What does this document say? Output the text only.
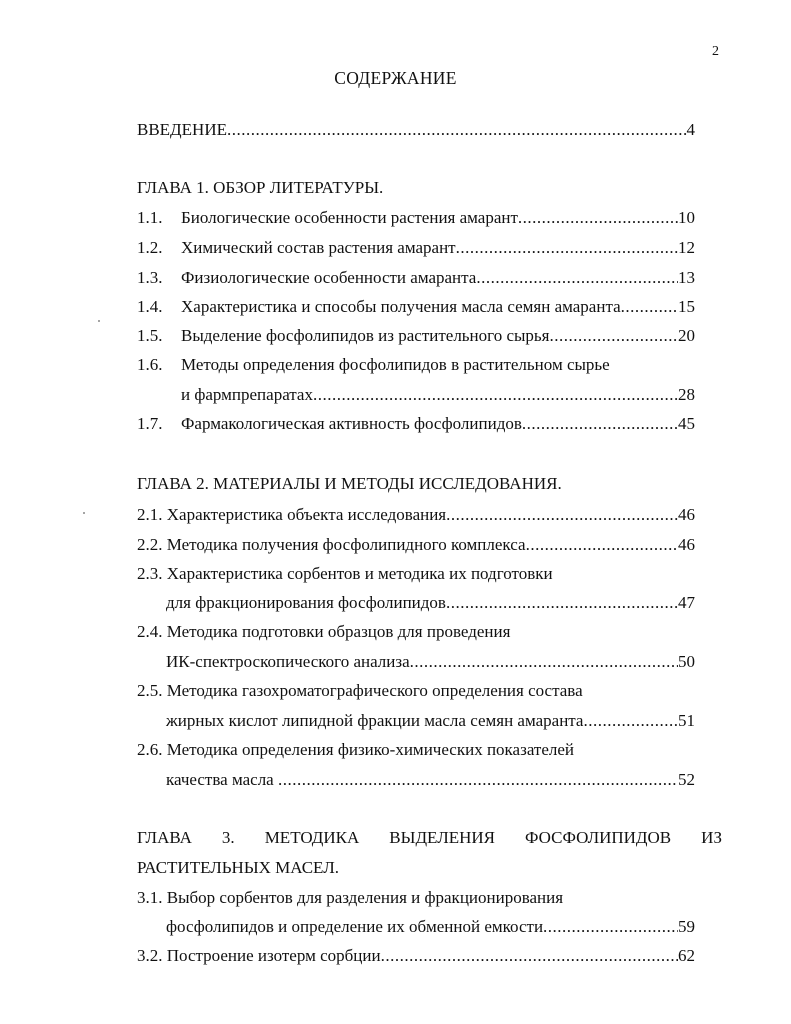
2
СОДЕРЖАНИЕ
ВВЕДЕНИЕ .....	4
ГЛАВА 1. ОБЗОР ЛИТЕРАТУРЫ.
1.1.	Биологические особенности растения амарант .....	10
1.2.	Химический состав растения амарант .....	12
1.3.	Физиологические особенности амаранта .....	13
1.4.	Характеристика и способы получения масла семян амаранта .....	15
1.5.	Выделение фосфолипидов из растительного сырья .....	20
1.6. Методы определения фосфолипидов в растительном сырье
и фармпрепаратах .....	28
1.7.	Фармакологическая активность фосфолипидов .....	45
ГЛАВА 2. МАТЕРИАЛЫ И МЕТОДЫ ИССЛЕДОВАНИЯ.
2.1. Характеристика объекта исследования .....	46
2.2. Методика получения фосфолипидного комплекса .....	46
2.3. Характеристика сорбентов и методика их подготовки
для фракционирования фосфолипидов .....	47
2.4. Методика подготовки образцов для проведения
ИК-спектроскопического анализа .....	50
2.5. Методика газохроматографического определения состава
жирных кислот липидной фракции масла семян амаранта .....	51
2.6. Методика определения физико-химических показателей
качества масла .....	52
ГЛАВА 3. МЕТОДИКА ВЫДЕЛЕНИЯ ФОСФОЛИПИДОВ ИЗ
РАСТИТЕЛЬНЫХ МАСЕЛ.
3.1. Выбор сорбентов для разделения и фракционирования
фосфолипидов и определение их обменной емкости .....	59
3.2. Построение изотерм сорбции .....	62
